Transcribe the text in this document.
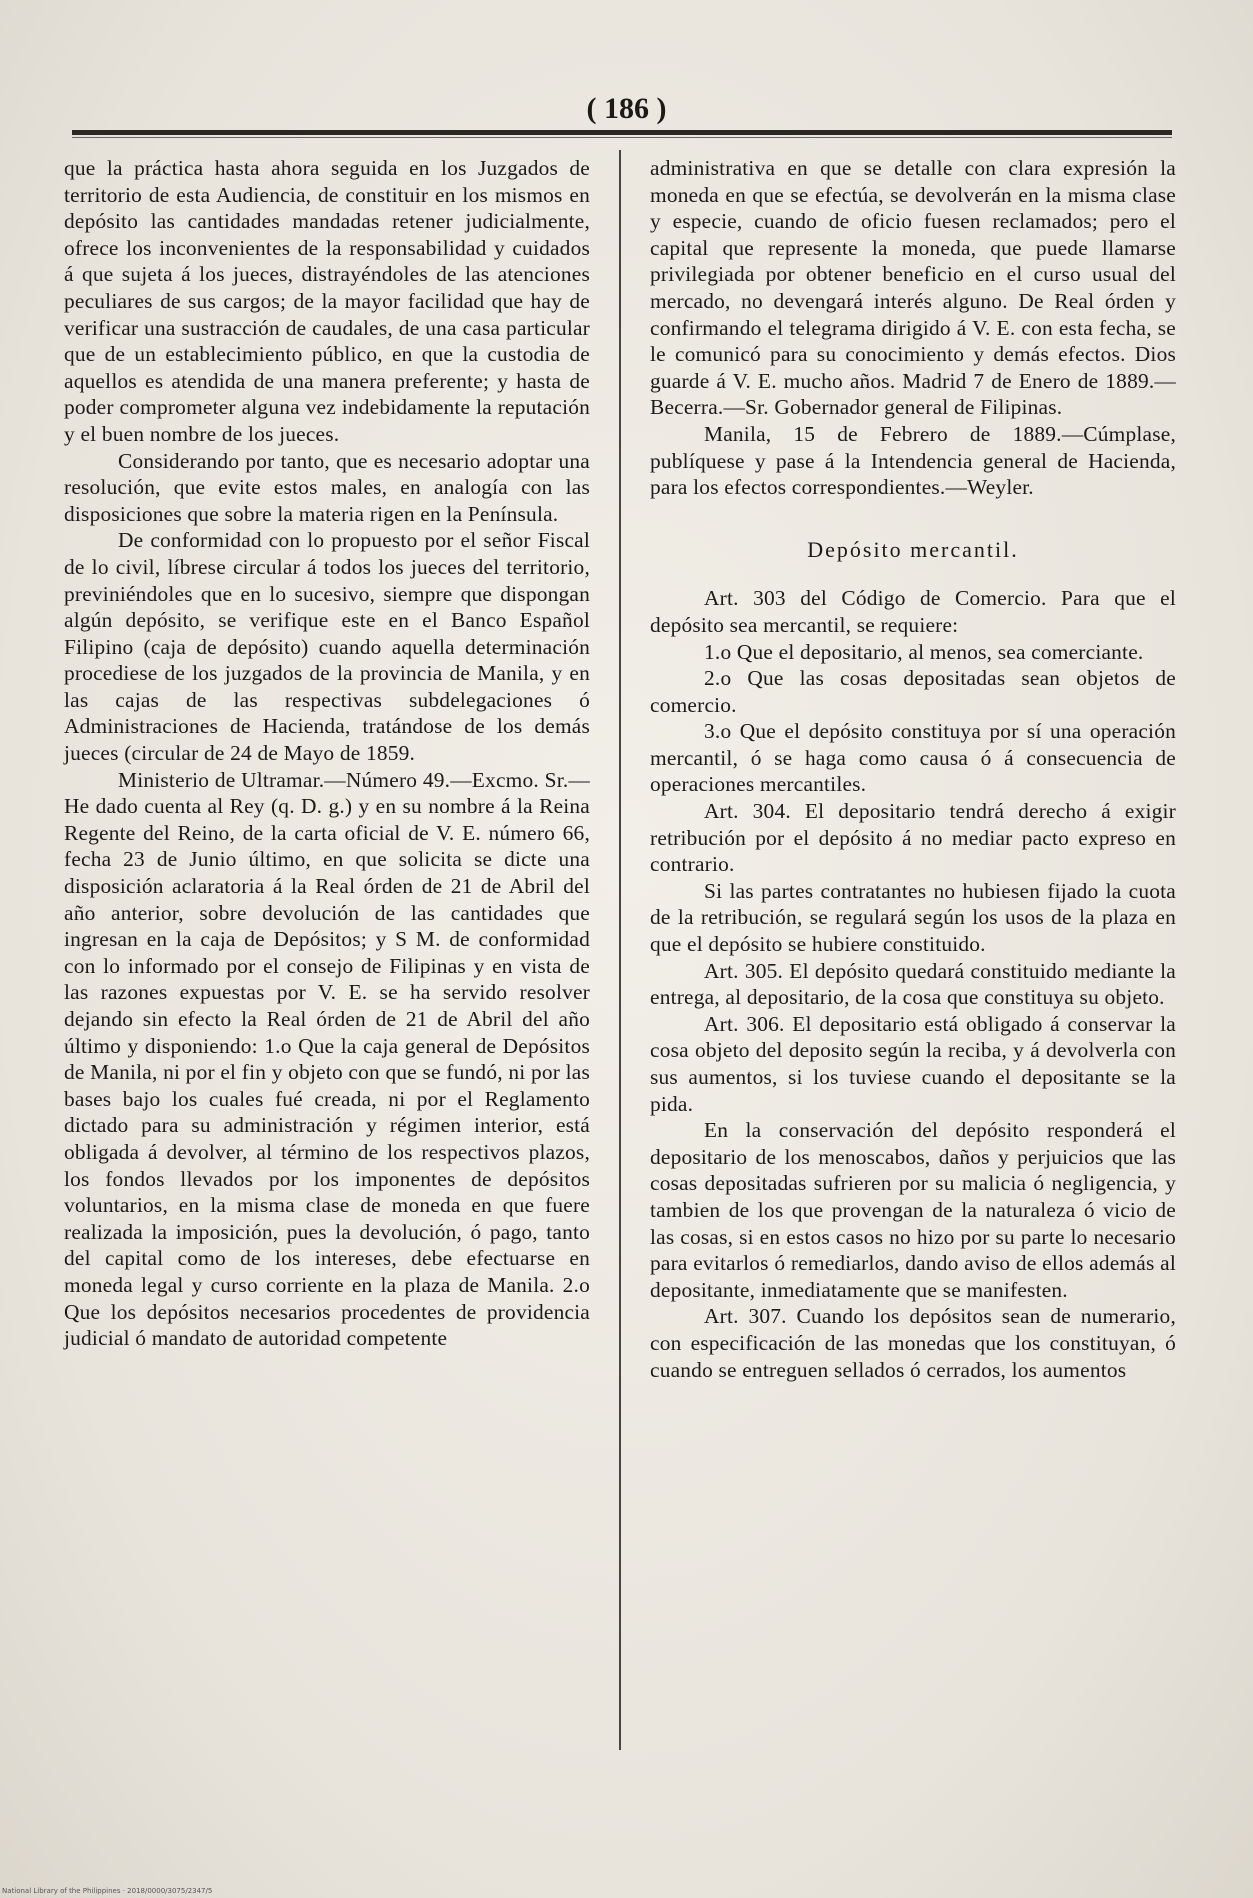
( 186 )

que la práctica hasta ahora seguida en los Juzgados de territorio de esta Audiencia, de constituir en los mismos en depósito las cantidades mandadas retener judicialmente, ofrece los inconvenientes de la responsabilidad y cuidados á que sujeta á los jueces, distrayéndoles de las atenciones peculiares de sus cargos; de la mayor facilidad que hay de verificar una sustracción de caudales, de una casa particular que de un establecimiento público, en que la custodia de aquellos es atendida de una manera preferente; y hasta de poder comprometer alguna vez indebidamente la reputación y el buen nombre de los jueces.

Considerando por tanto, que es necesario adoptar una resolución, que evite estos males, en analogía con las disposiciones que sobre la materia rigen en la Península.

De conformidad con lo propuesto por el señor Fiscal de lo civil, líbrese circular á todos los jueces del territorio, previniéndoles que en lo sucesivo, siempre que dispongan algún depósito, se verifique este en el Banco Español Filipino (caja de depósito) cuando aquella determinación procediese de los juzgados de la provincia de Manila, y en las cajas de las respectivas subdelegaciones ó Administraciones de Hacienda, tratándose de los demás jueces (circular de 24 de Mayo de 1859.

Ministerio de Ultramar.—Número 49.—Excmo. Sr.—He dado cuenta al Rey (q. D. g.) y en su nombre á la Reina Regente del Reino, de la carta oficial de V. E. número 66, fecha 23 de Junio último, en que solicita se dicte una disposición aclaratoria á la Real órden de 21 de Abril del año anterior, sobre devolución de las cantidades que ingresan en la caja de Depósitos; y S M. de conformidad con lo informado por el consejo de Filipinas y en vista de las razones expuestas por V. E. se ha servido resolver dejando sin efecto la Real órden de 21 de Abril del año último y disponiendo: 1.o Que la caja general de Depósitos de Manila, ni por el fin y objeto con que se fundó, ni por las bases bajo los cuales fué creada, ni por el Reglamento dictado para su administración y régimen interior, está obligada á devolver, al término de los respectivos plazos, los fondos llevados por los imponentes de depósitos voluntarios, en la misma clase de moneda en que fuere realizada la imposición, pues la devolución, ó pago, tanto del capital como de los intereses, debe efectuarse en moneda legal y curso corriente en la plaza de Manila. 2.o Que los depósitos necesarios procedentes de providencia judicial ó mandato de autoridad competente

administrativa en que se detalle con clara expresión la moneda en que se efectúa, se devolverán en la misma clase y especie, cuando de oficio fuesen reclamados; pero el capital que represente la moneda, que puede llamarse privilegiada por obtener beneficio en el curso usual del mercado, no devengará interés alguno. De Real órden y confirmando el telegrama dirigido á V. E. con esta fecha, se le comunicó para su conocimiento y demás efectos. Dios guarde á V. E. mucho años. Madrid 7 de Enero de 1889.—Becerra.—Sr. Gobernador general de Filipinas.

Manila, 15 de Febrero de 1889.—Cúmplase, publíquese y pase á la Intendencia general de Hacienda, para los efectos correspondientes.—Weyler.

Depósito mercantil.

Art. 303 del Código de Comercio. Para que el depósito sea mercantil, se requiere:

1.o Que el depositario, al menos, sea comerciante.

2.o Que las cosas depositadas sean objetos de comercio.

3.o Que el depósito constituya por sí una operación mercantil, ó se haga como causa ó á consecuencia de operaciones mercantiles.

Art. 304. El depositario tendrá derecho á exigir retribución por el depósito á no mediar pacto expreso en contrario.

Si las partes contratantes no hubiesen fijado la cuota de la retribución, se regulará según los usos de la plaza en que el depósito se hubiere constituido.

Art. 305. El depósito quedará constituido mediante la entrega, al depositario, de la cosa que constituya su objeto.

Art. 306. El depositario está obligado á conservar la cosa objeto del deposito según la reciba, y á devolverla con sus aumentos, si los tuviese cuando el depositante se la pida.

En la conservación del depósito responderá el depositario de los menoscabos, daños y perjuicios que las cosas depositadas sufrieren por su malicia ó negligencia, y tambien de los que provengan de la naturaleza ó vicio de las cosas, si en estos casos no hizo por su parte lo necesario para evitarlos ó remediarlos, dando aviso de ellos además al depositante, inmediatamente que se manifesten.

Art. 307. Cuando los depósitos sean de numerario, con especificación de las monedas que los constituyan, ó cuando se entreguen sellados ó cerrados, los aumentos

National Library of the Philippines · 2018/0000/3075/2347/5
